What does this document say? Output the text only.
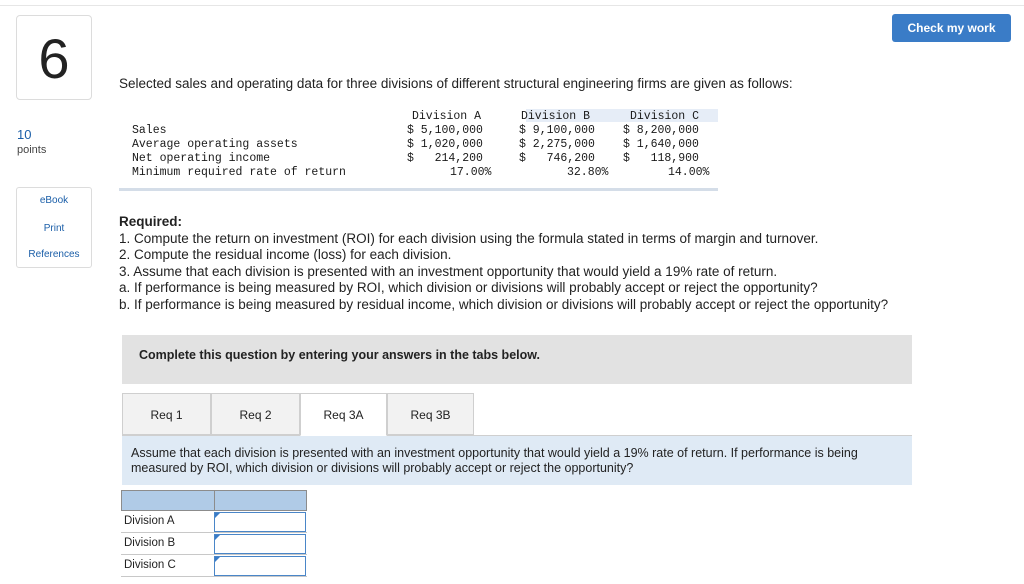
6
10
points
eBook
Print
References
Check my work
Selected sales and operating data for three divisions of different structural engineering firms are given as follows:
Division A	Division B	Division C
Sales	$ 5,100,000	$ 9,100,000 $ 8,200,000
Average operating assets	$ 1,020,000	$ 2,275,000 $ 1,640,000
Net operating income	$   214,200	$   746,200 $   118,900
Minimum required rate of return	17.00%	32.80%	14.00%
Required:
1. Compute the return on investment (ROI) for each division using the formula stated in terms of margin and turnover.
2. Compute the residual income (loss) for each division.
3. Assume that each division is presented with an investment opportunity that would yield a 19% rate of return.
a. If performance is being measured by ROI, which division or divisions will probably accept or reject the opportunity?
b. If performance is being measured by residual income, which division or divisions will probably accept or reject the opportunity?
Complete this question by entering your answers in the tabs below.
Req 1	Req 2	Req 3A	Req 3B
Assume that each division is presented with an investment opportunity that would yield a 19% rate of return. If performance is being measured by ROI, which division or divisions will probably accept or reject the opportunity?
Division A
Division B
Division C
